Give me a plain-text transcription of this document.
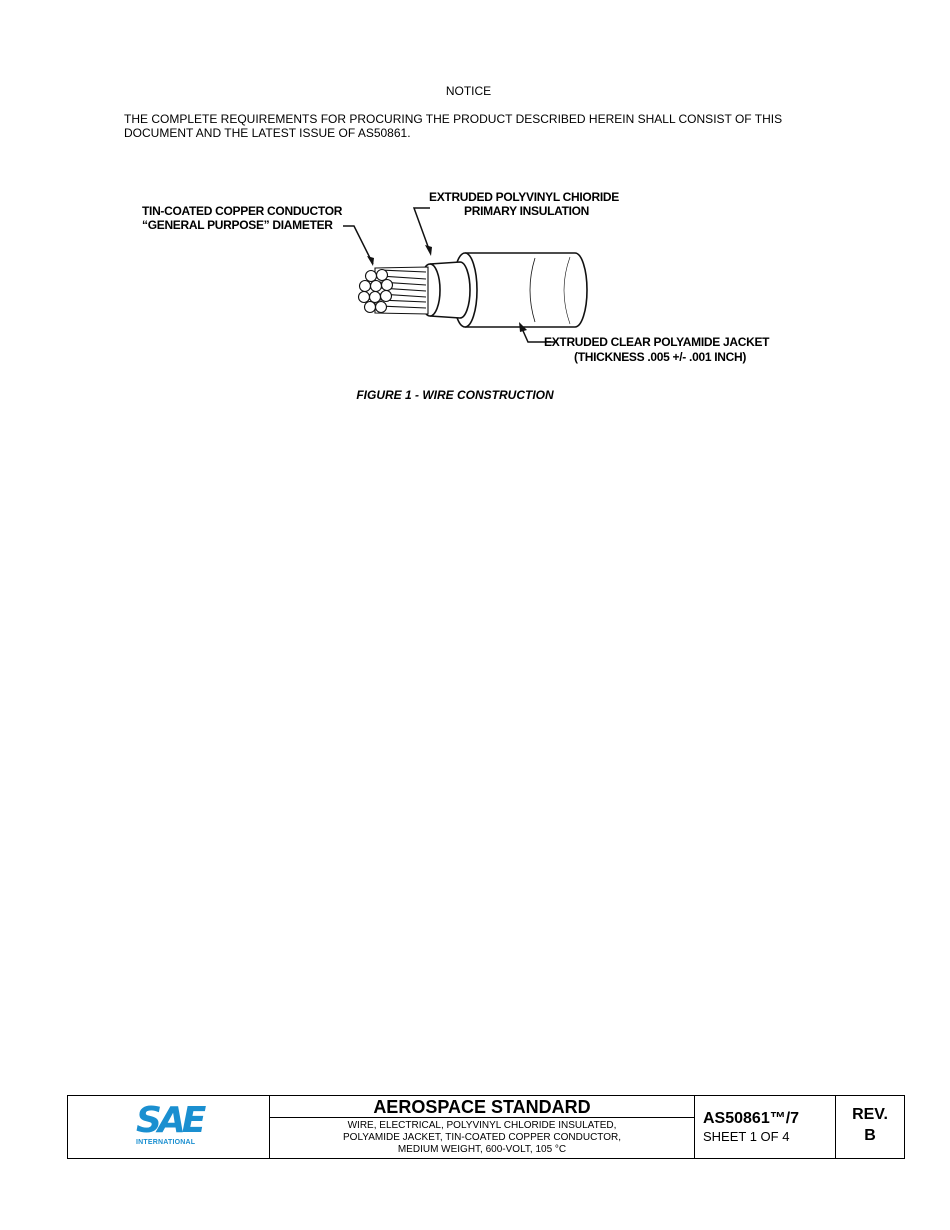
NOTICE
THE COMPLETE REQUIREMENTS FOR PROCURING THE PRODUCT DESCRIBED HEREIN SHALL CONSIST OF THIS DOCUMENT AND THE LATEST ISSUE OF AS50861.
TIN-COATED COPPER CONDUCTOR
“GENERAL PURPOSE” DIAMETER
EXTRUDED POLYVINYL CHIORIDE
PRIMARY INSULATION
EXTRUDED CLEAR POLYAMIDE JACKET
(THICKNESS .005 +/- .001 INCH)
FIGURE 1 - WIRE CONSTRUCTION
SAE
INTERNATIONAL
AEROSPACE STANDARD
WIRE, ELECTRICAL, POLYVINYL CHLORIDE INSULATED,
POLYAMIDE JACKET, TIN-COATED COPPER CONDUCTOR,
MEDIUM WEIGHT, 600-VOLT, 105 °C
AS50861™/7
SHEET 1 OF 4
REV.
B
